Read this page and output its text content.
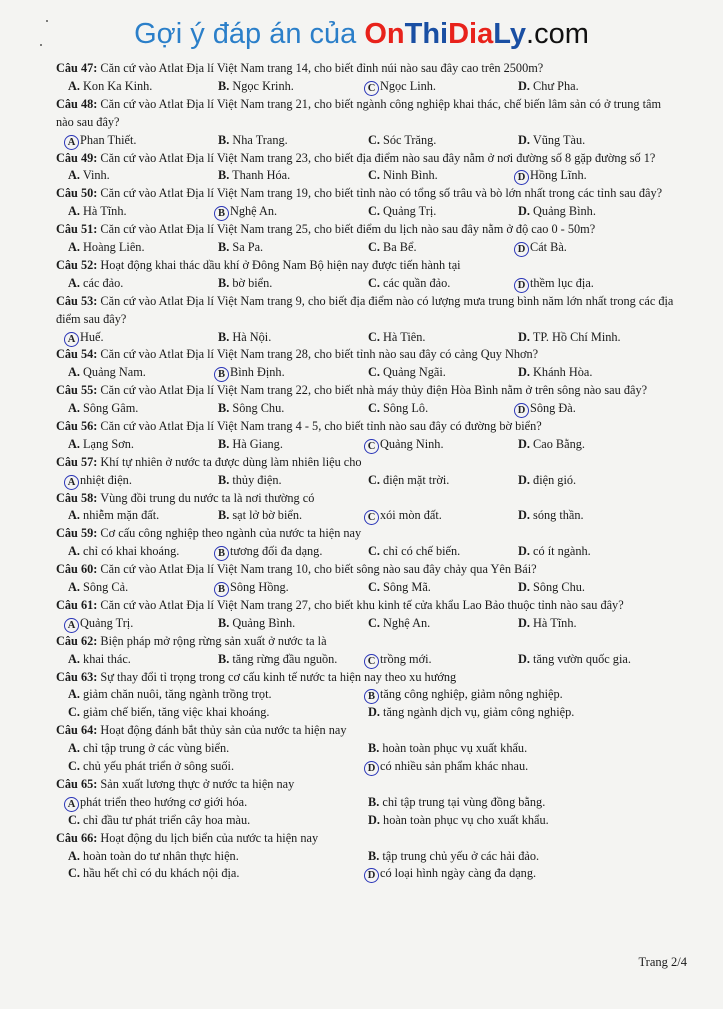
Gợi ý đáp án của OnThiDiaLy.com
Câu 47: Căn cứ vào Atlat Địa lí Việt Nam trang 14, cho biết đỉnh núi nào sau đây cao trên 2500m?
A. Kon Ka Kinh.	B. Ngọc Krinh.	C Ngọc Linh.	D. Chư Pha.
Câu 48: Căn cứ vào Atlat Địa lí Việt Nam trang 21, cho biết ngành công nghiệp khai thác, chế biến lâm sản có ở trung tâm nào sau đây?
A Phan Thiết.	B. Nha Trang.	C. Sóc Trăng.	D. Vũng Tàu.
Câu 49: Căn cứ vào Atlat Địa lí Việt Nam trang 23, cho biết địa điểm nào sau đây nằm ở nơi đường số 8 gặp đường số 1?
A. Vinh.	B. Thanh Hóa.	C. Ninh Bình.	D Hồng Lĩnh.
Câu 50: Căn cứ vào Atlat Địa lí Việt Nam trang 19, cho biết tỉnh nào có tổng số trâu và bò lớn nhất trong các tỉnh sau đây?
A. Hà Tĩnh.	B Nghệ An.	C. Quảng Trị.	D. Quảng Bình.
Câu 51: Căn cứ vào Atlat Địa lí Việt Nam trang 25, cho biết điểm du lịch nào sau đây nằm ở độ cao 0 - 50m?
A. Hoàng Liên.	B. Sa Pa.	C. Ba Bể.	D Cát Bà.
Câu 52: Hoạt động khai thác dầu khí ở Đông Nam Bộ hiện nay được tiến hành tại
A. các đảo.	B. bờ biển.	C. các quần đảo.	D thềm lục địa.
Câu 53: Căn cứ vào Atlat Địa lí Việt Nam trang 9, cho biết địa điểm nào có lượng mưa trung bình năm lớn nhất trong các địa điểm sau đây?
A Huế.	B. Hà Nội.	C. Hà Tiên.	D. TP. Hồ Chí Minh.
Câu 54: Căn cứ vào Atlat Địa lí Việt Nam trang 28, cho biết tỉnh nào sau đây có cảng Quy Nhơn?
A. Quảng Nam.	B Bình Định.	C. Quảng Ngãi.	D. Khánh Hòa.
Câu 55: Căn cứ vào Atlat Địa lí Việt Nam trang 22, cho biết nhà máy thủy điện Hòa Bình nằm ở trên sông nào sau đây?
A. Sông Gâm.	B. Sông Chu.	C. Sông Lô.	D Sông Đà.
Câu 56: Căn cứ vào Atlat Địa lí Việt Nam trang 4 - 5, cho biết tỉnh nào sau đây có đường bờ biển?
A. Lạng Sơn.	B. Hà Giang.	C Quảng Ninh.	D. Cao Bằng.
Câu 57: Khí tự nhiên ở nước ta được dùng làm nhiên liệu cho
A nhiệt điện.	B. thủy điện.	C. điện mặt trời.	D. điện gió.
Câu 58: Vùng đồi trung du nước ta là nơi thường có
A. nhiễm mặn đất.	B. sạt lở bờ biển.	C xói mòn đất.	D. sóng thần.
Câu 59: Cơ cấu công nghiệp theo ngành của nước ta hiện nay
A. chỉ có khai khoáng.	B tương đối đa dạng.	C. chỉ có chế biến.	D. có ít ngành.
Câu 60: Căn cứ vào Atlat Địa lí Việt Nam trang 10, cho biết sông nào sau đây chảy qua Yên Bái?
A. Sông Cả.	B Sông Hồng.	C. Sông Mã.	D. Sông Chu.
Câu 61: Căn cứ vào Atlat Địa lí Việt Nam trang 27, cho biết khu kinh tế cửa khẩu Lao Bảo thuộc tỉnh nào sau đây?
A Quảng Trị.	B. Quảng Bình.	C. Nghệ An.	D. Hà Tĩnh.
Câu 62: Biện pháp mở rộng rừng sản xuất ở nước ta là
A. khai thác.	B. tăng rừng đầu nguồn.	C trồng mới.	D. tăng vườn quốc gia.
Câu 63: Sự thay đổi tỉ trọng trong cơ cấu kinh tế nước ta hiện nay theo xu hướng
A. giảm chăn nuôi, tăng ngành trồng trọt.	B tăng công nghiệp, giảm nông nghiệp.
C. giảm chế biến, tăng việc khai khoáng.	D. tăng ngành dịch vụ, giảm công nghiệp.
Câu 64: Hoạt động đánh bắt thủy sản của nước ta hiện nay
A. chỉ tập trung ở các vùng biển.	B. hoàn toàn phục vụ xuất khẩu.
C. chủ yếu phát triển ở sông suối.	D có nhiều sản phẩm khác nhau.
Câu 65: Sản xuất lương thực ở nước ta hiện nay
A phát triển theo hướng cơ giới hóa.	B. chỉ tập trung tại vùng đồng bằng.
C. chỉ đầu tư phát triển cây hoa màu.	D. hoàn toàn phục vụ cho xuất khẩu.
Câu 66: Hoạt động du lịch biển của nước ta hiện nay
A. hoàn toàn do tư nhân thực hiện.	B. tập trung chủ yếu ở các hải đảo.
C. hầu hết chỉ có du khách nội địa.	D có loại hình ngày càng đa dạng.
Trang 2/4
